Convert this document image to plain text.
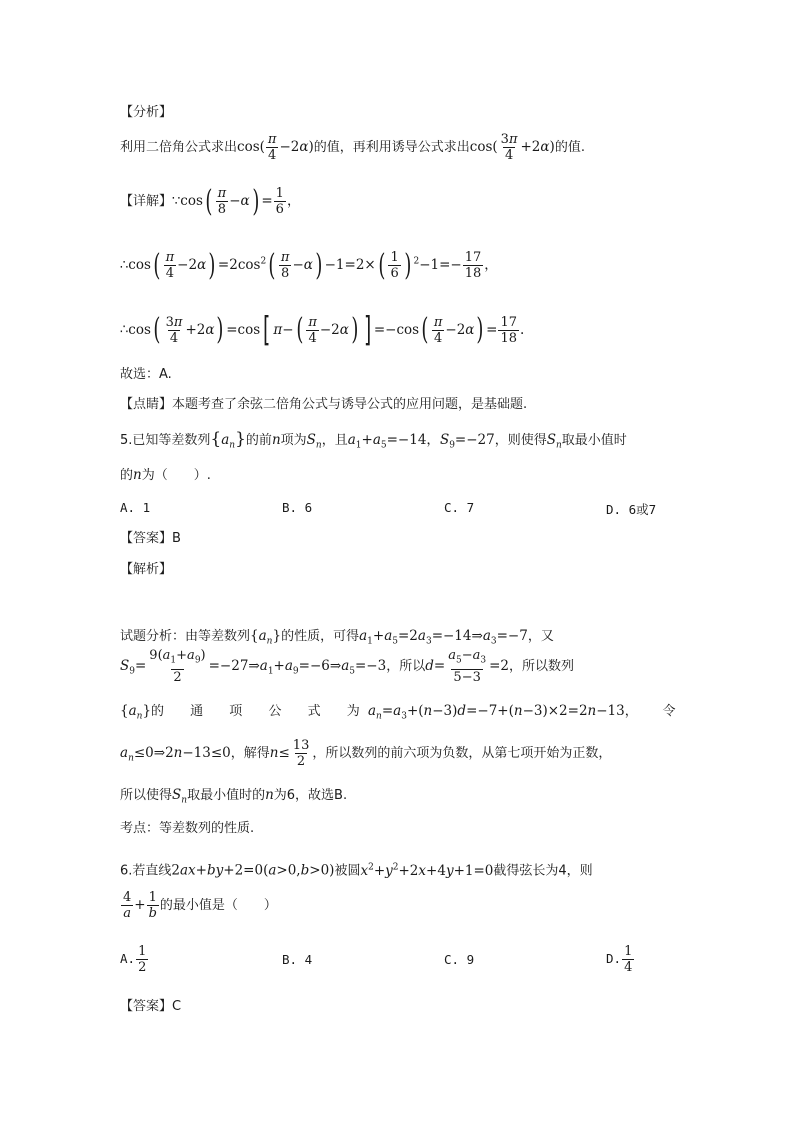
【分析】
利用二倍角公式求出$\cos( \frac{\pi}{4} -2\alpha)$的值，再利用诱导公式求出$\cos( \frac{3\pi}{4} +2\alpha)$的值.
【详解】∵cos( $\frac{\pi}{8} -\alpha) = \frac{1}{6}$ ，
∴cos( $\frac{\pi}{4} -2\alpha) =2\cos^2( \frac{\pi}{8} -\alpha) -1=2\times( \frac{1}{6}$ ) $^2-1=- \frac{17}{18}$ ，
∴cos( $\frac{3\pi}{4} +2\alpha) =\cos$[ $\pi-( \frac{\pi}{4} -2\alpha)$ ] $=-\cos( \frac{\pi}{4} -2\alpha) = \frac{17}{18}$ .
故选：A.
【点睛】本题考查了余弦二倍角公式与诱导公式的应用问题，是基础题.
5.已知等差数列$\{a_n\}$的前n项为$S_n$，且$a_1+a_5=-14$，$S_9=-27$，则使得$S_n$取最小值时
的n为（　　）.
A. 1	B. 6	C. 7	D. 6或7
【答案】B
【解析】
试题分析：由等差数列$\{a_n\}$的性质，可得$a_1+a_5=2a_3=-14\Rightarrow a_3=-7$，又
$S_9= \frac{9(a_1+a_9)}{2}$ $=-27\Rightarrow a_1+a_9=-6\Rightarrow a_5=-3$，所以$d= \frac{a_5-a_3}{5-3} =2$，所以数列
$\{a_n\}$的 通 项 公 式 为 $a_n=a_3+(n-3)d=-7+(n-3)\times 2=2n-13$，      令
$a_n\le 0\Rightarrow 2n-13\le 0$，解得$n\le \frac{13}{2}$ ，所以数列的前六项为负数，从第七项开始为正数，
所以使得$S_n$取最小值时的n为6，故选B.
考点：等差数列的性质.
6.若直线2ax+by+2=0(a>0,b>0)被圆$x^2+y^2+2x+4y+1=0$截得弦长为4，则
$\frac{4}{a} + \frac{1}{b}$ 的最小值是（　　）
A. $\frac{1}{2}$	B. 4	C. 9	D. $\frac{1}{4}$
【答案】C
